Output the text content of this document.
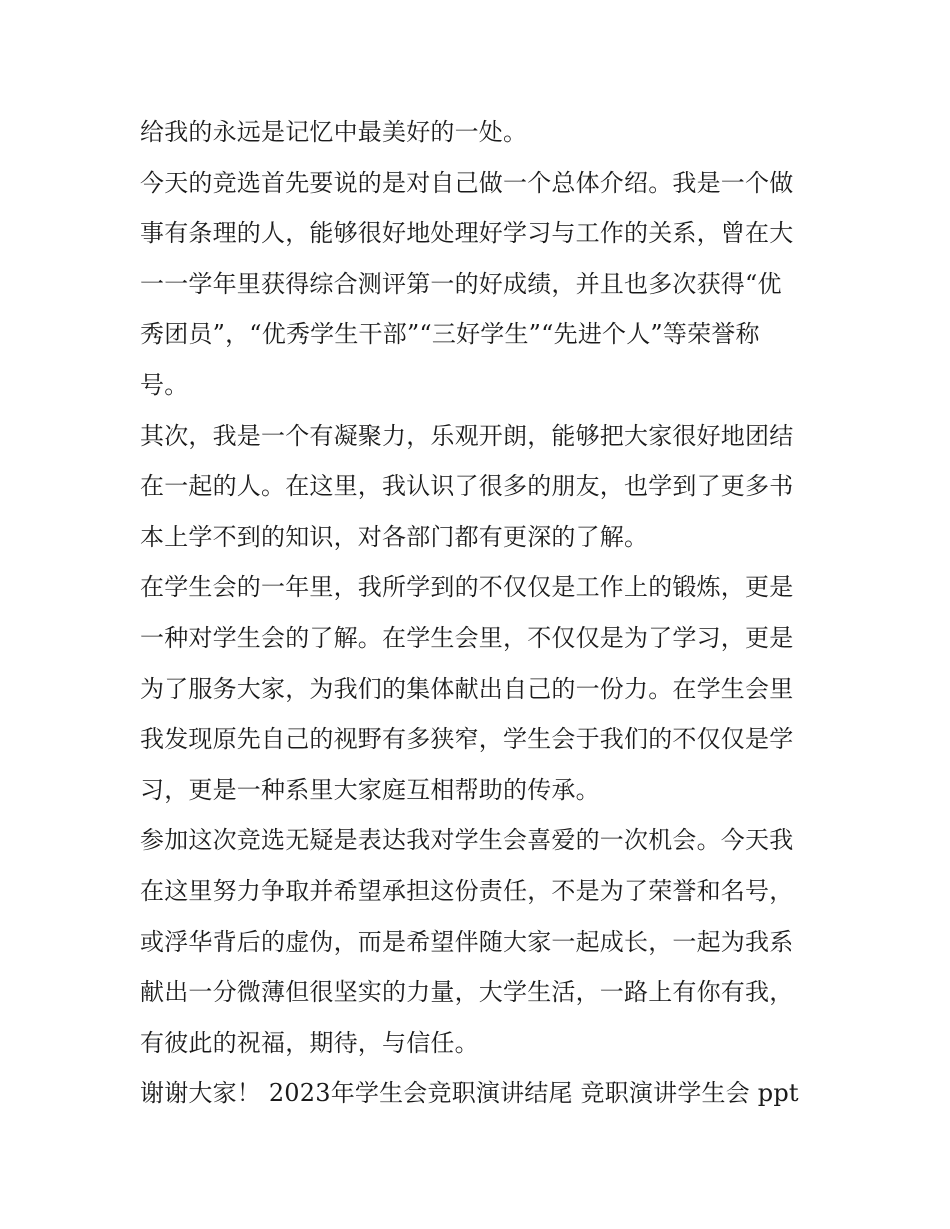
给我的永远是记忆中最美好的一处。
今天的竞选首先要说的是对自己做一个总体介绍。我是一个做
事有条理的人，能够很好地处理好学习与工作的关系，曾在大
一一学年里获得综合测评第一的好成绩，并且也多次获得“优
秀团员”，“优秀学生干部”“三好学生”“先进个人”等荣誉称
号。
其次，我是一个有凝聚力，乐观开朗，能够把大家很好地团结
在一起的人。在这里，我认识了很多的朋友，也学到了更多书
本上学不到的知识，对各部门都有更深的了解。
在学生会的一年里，我所学到的不仅仅是工作上的锻炼，更是
一种对学生会的了解。在学生会里，不仅仅是为了学习，更是
为了服务大家，为我们的集体献出自己的一份力。在学生会里
我发现原先自己的视野有多狭窄，学生会于我们的不仅仅是学
习，更是一种系里大家庭互相帮助的传承。
参加这次竞选无疑是表达我对学生会喜爱的一次机会。今天我
在这里努力争取并希望承担这份责任，不是为了荣誉和名号，
或浮华背后的虚伪，而是希望伴随大家一起成长，一起为我系
献出一分微薄但很坚实的力量，大学生活，一路上有你有我，
有彼此的祝福，期待，与信任。
谢谢大家！ 2023年学生会竞职演讲结尾 竞职演讲学生会 ppt
